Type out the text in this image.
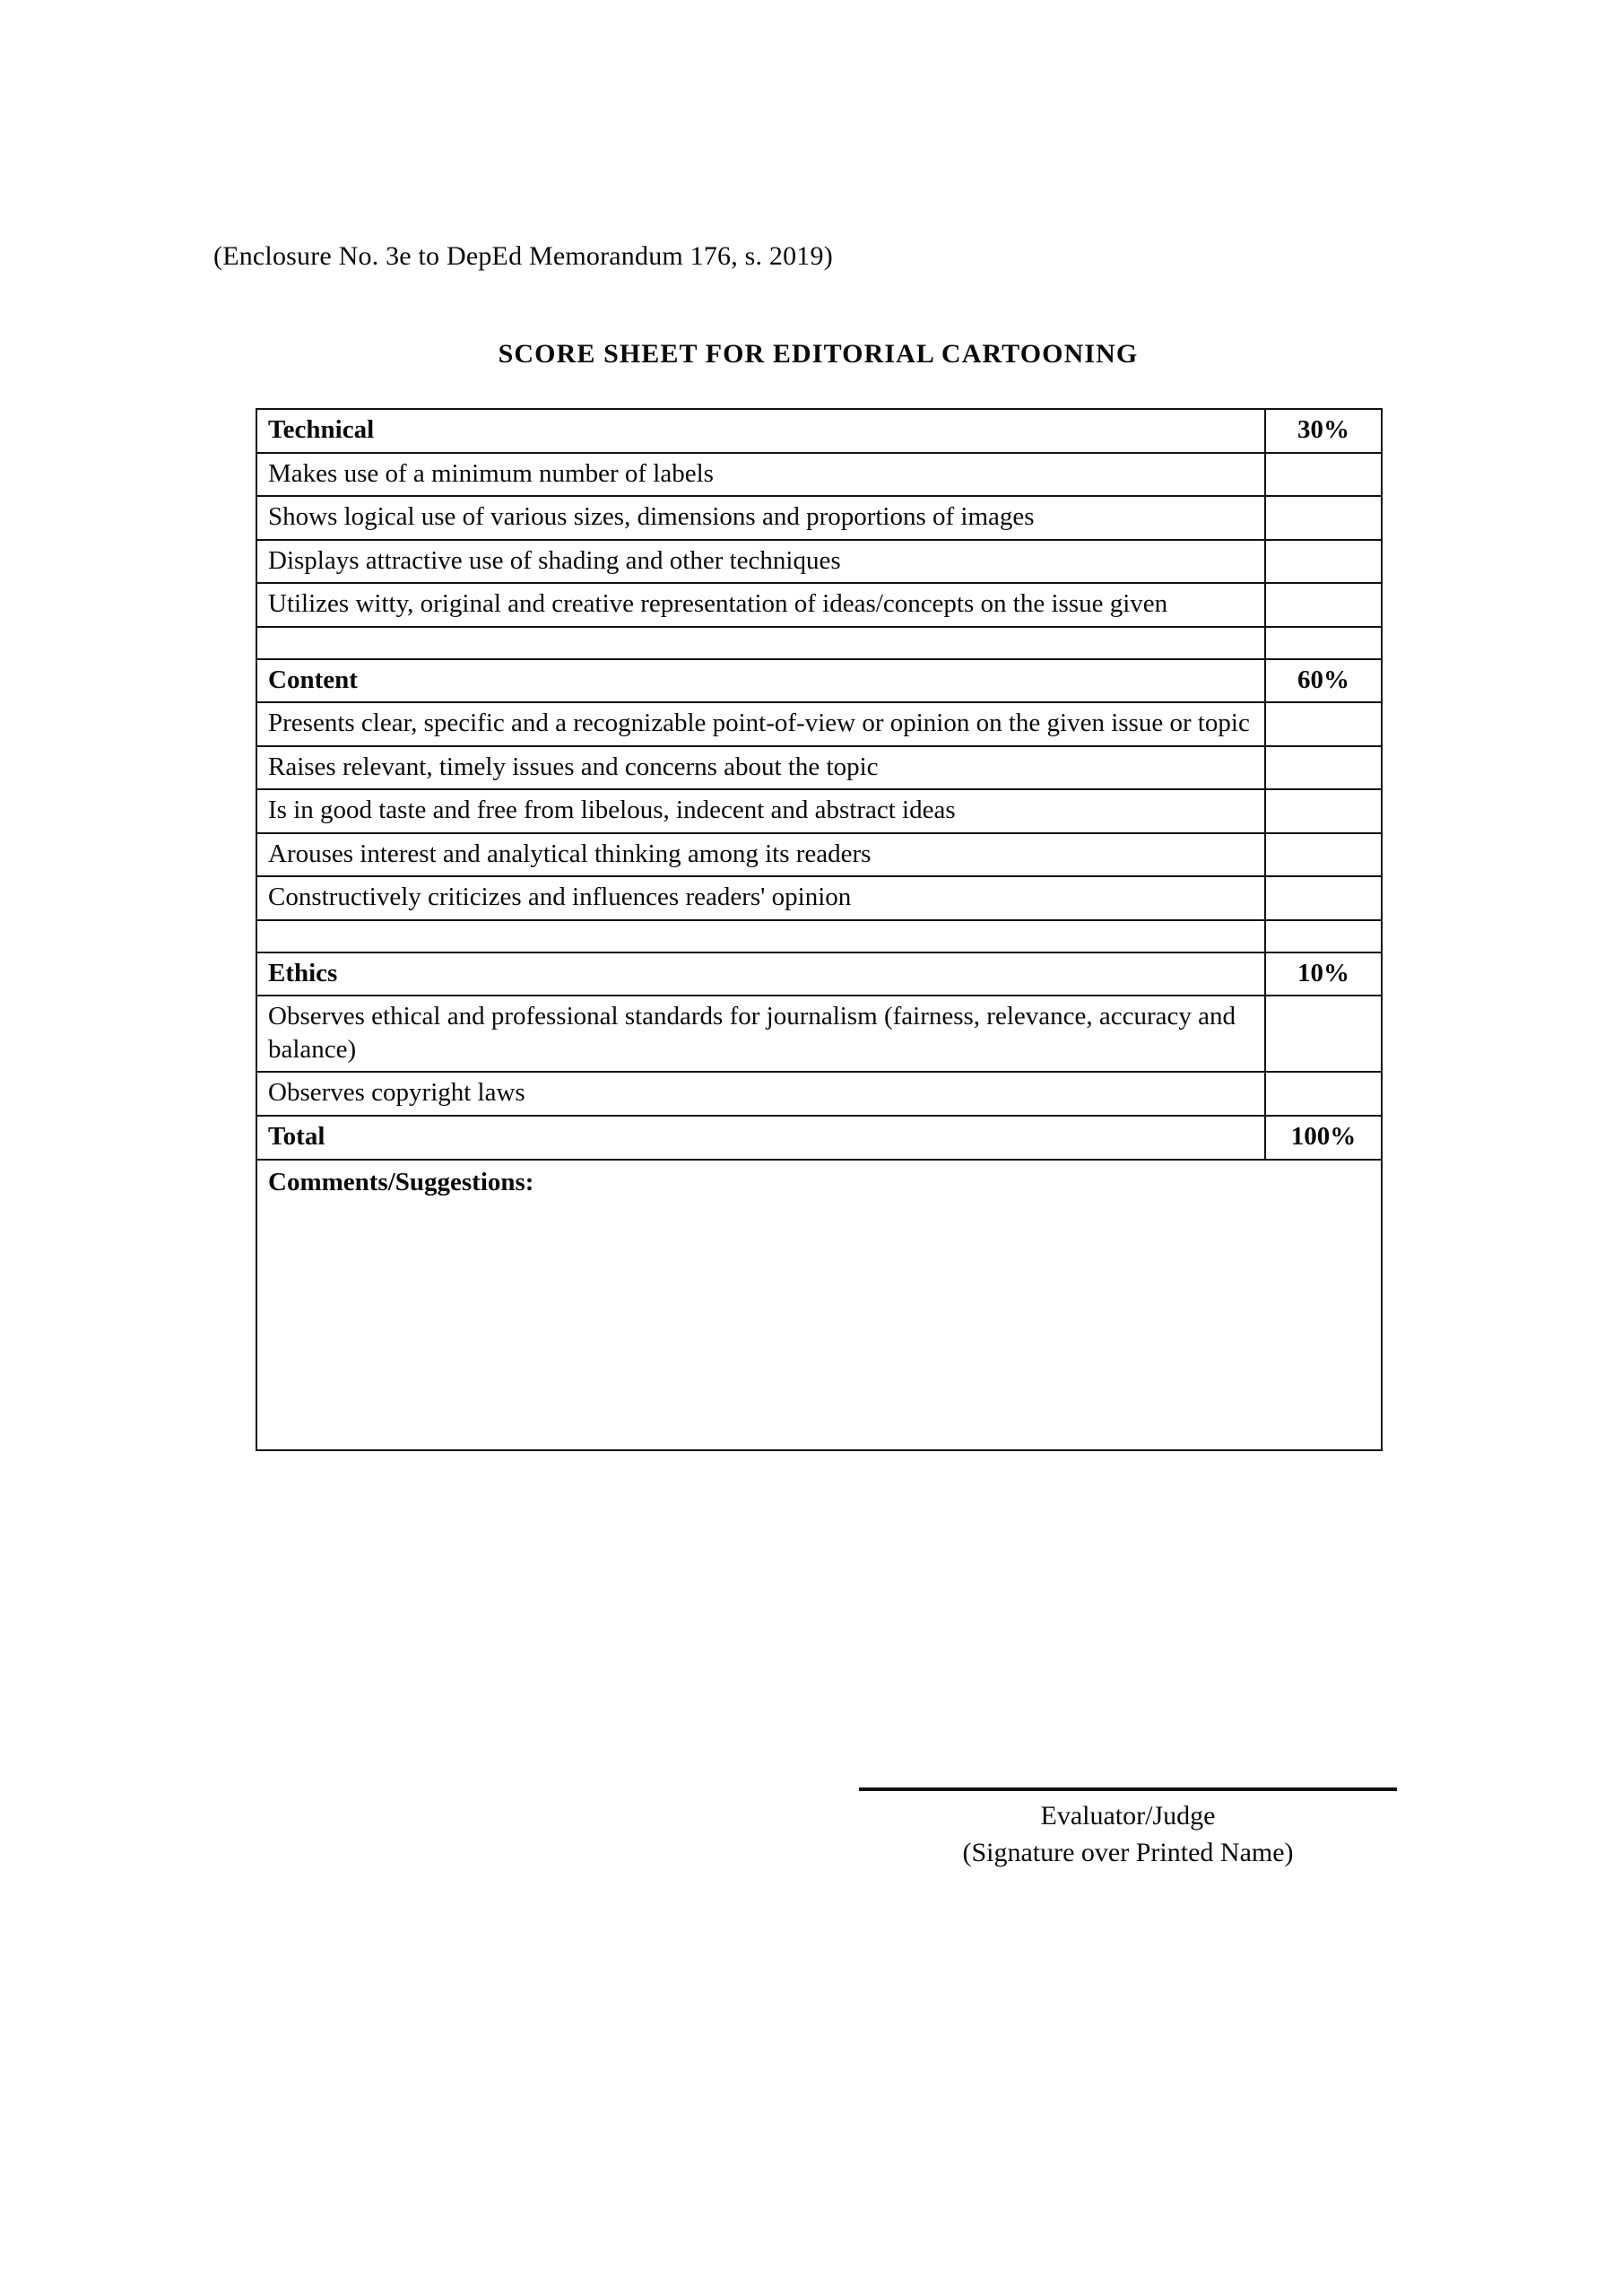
(Enclosure No. 3e to DepEd Memorandum 176, s. 2019)
SCORE SHEET FOR EDITORIAL CARTOONING
Technical	30%
Makes use of a minimum number of labels	
Shows logical use of various sizes, dimensions and proportions of images	
Displays attractive use of shading and other techniques	
Utilizes witty, original and creative representation of ideas/concepts on the issue given	

Content	60%
Presents clear, specific and a recognizable point-of-view or opinion on the given issue or topic	
Raises relevant, timely issues and concerns about the topic	
Is in good taste and free from libelous, indecent and abstract ideas	
Arouses interest and analytical thinking among its readers	
Constructively criticizes and influences readers' opinion	

Ethics	10%
Observes ethical and professional standards for journalism (fairness, relevance, accuracy and balance)	
Observes copyright laws	
Total	100%
Comments/Suggestions:	
Evaluator/Judge
(Signature over Printed Name)
